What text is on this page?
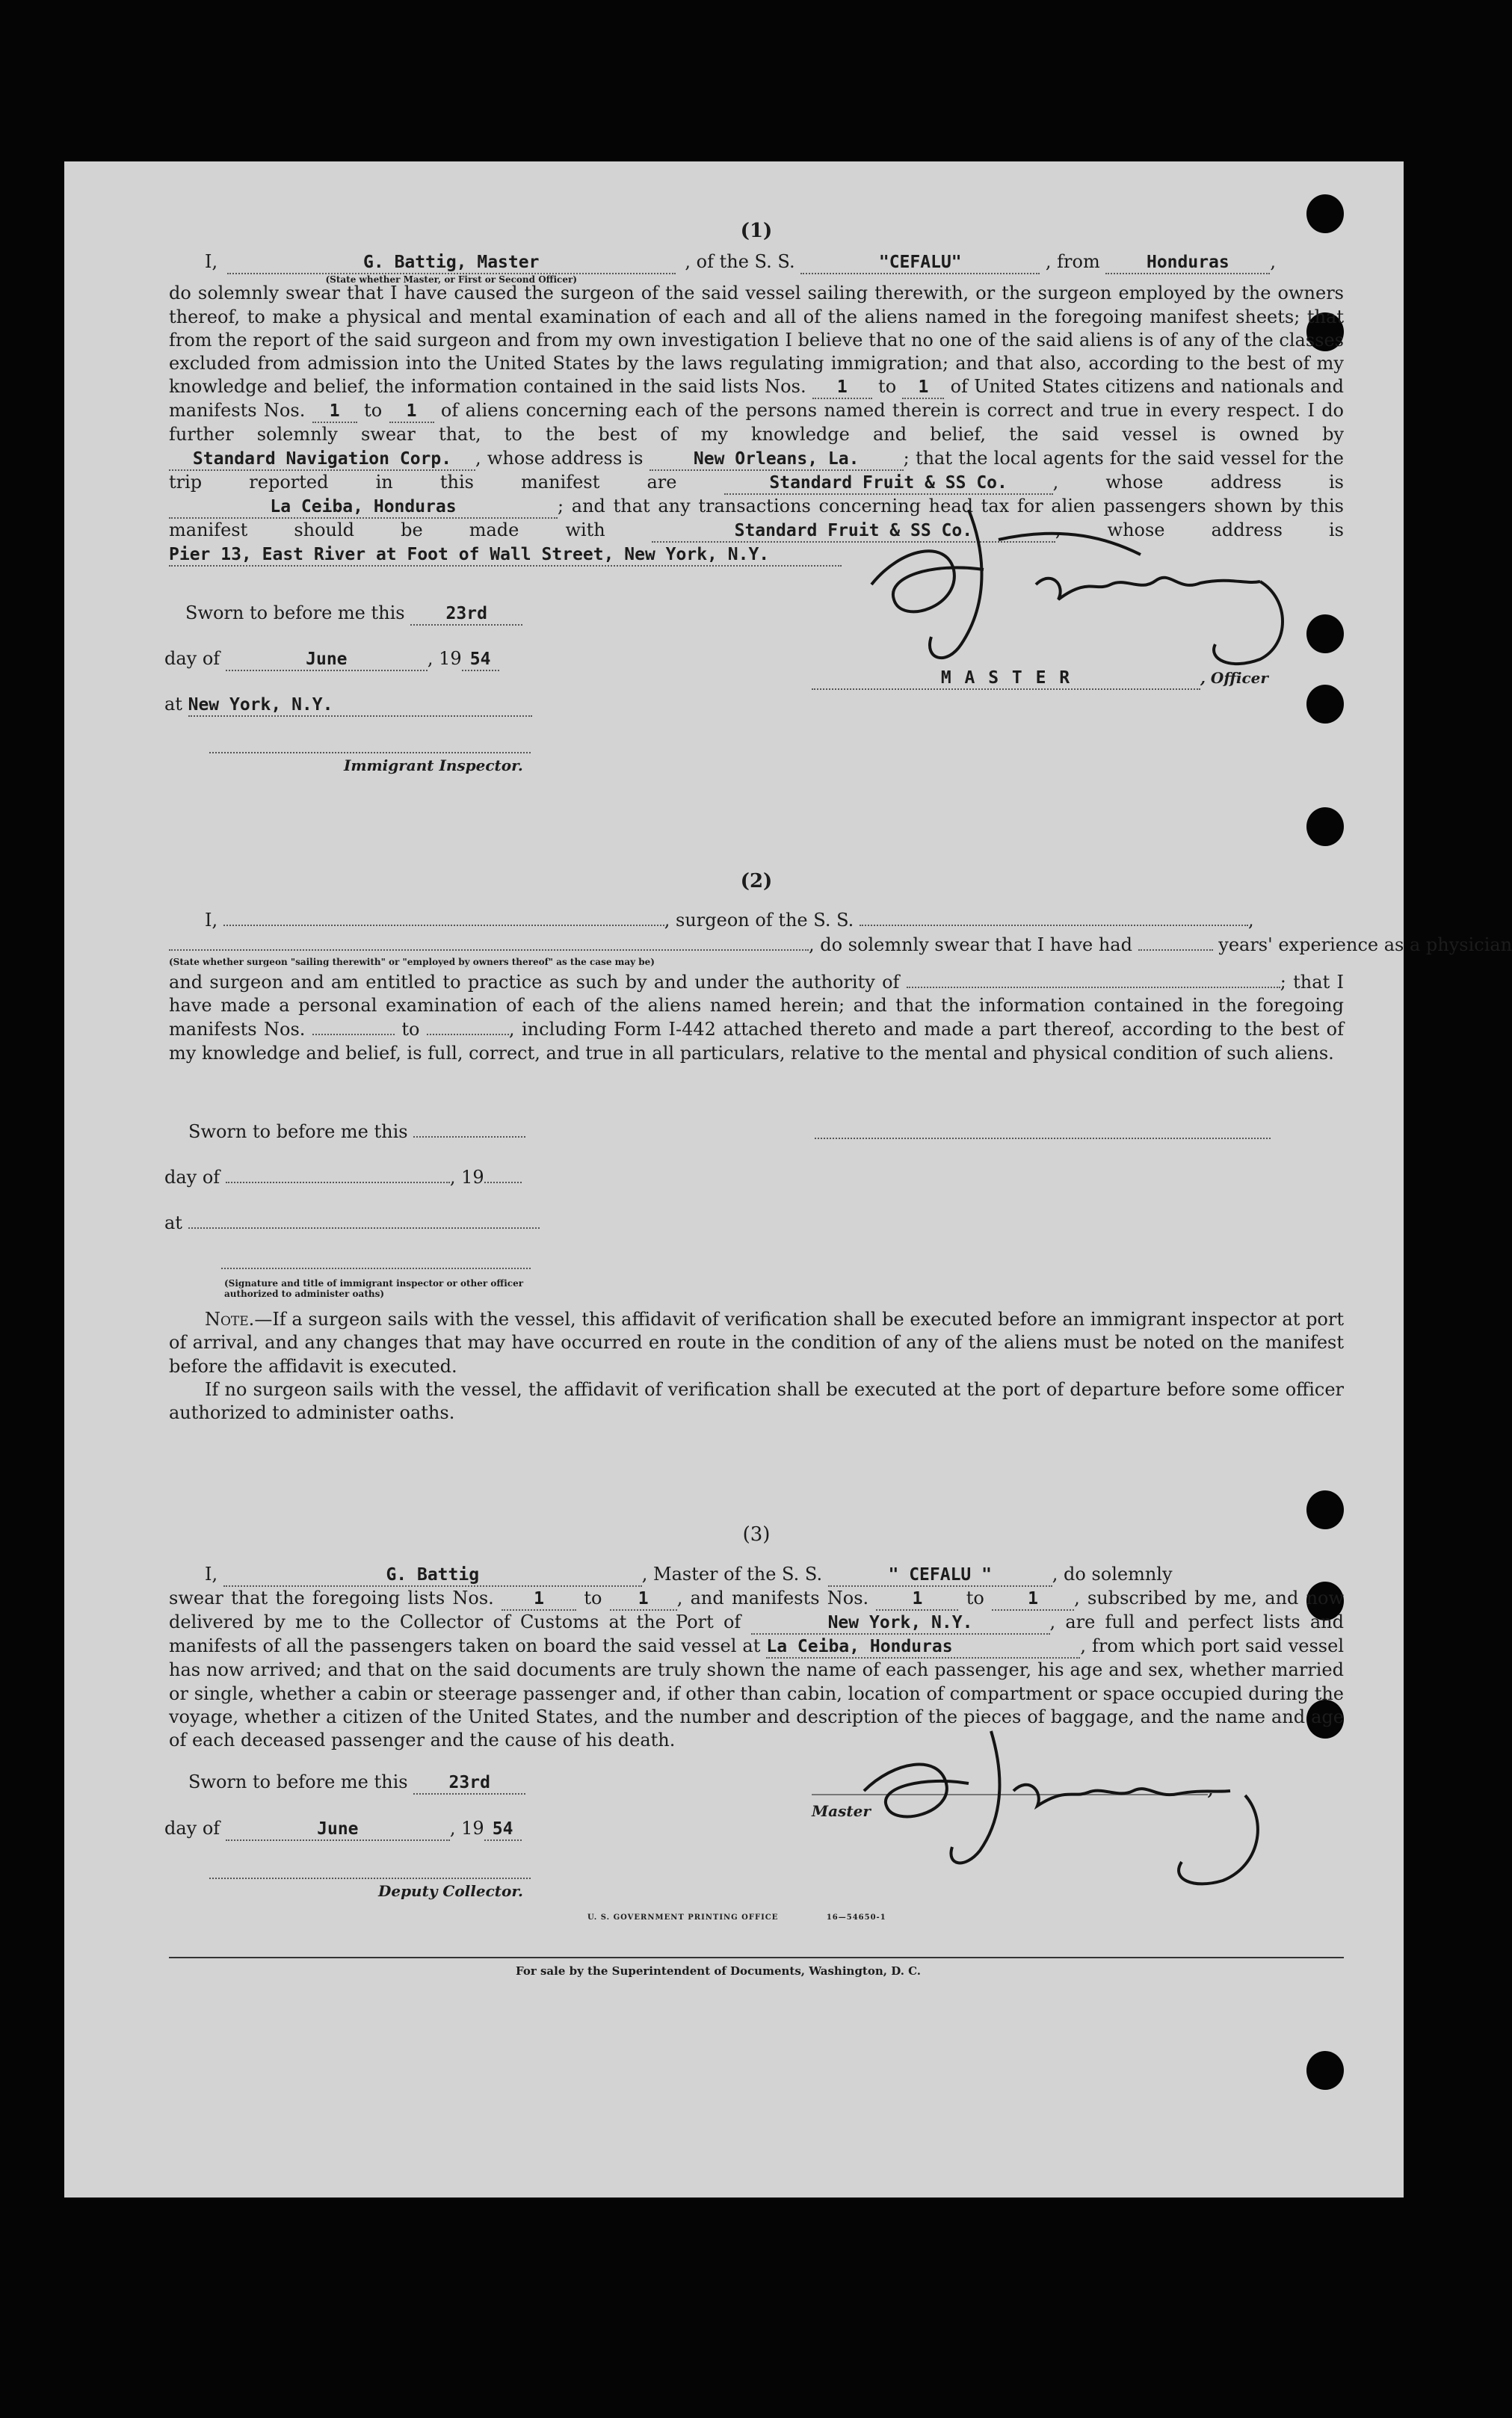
(1)
I,	G. Battig, Master
(State whether Master, or First or Second Officer)
, of the S. S.	"CEFALU"	, from	Honduras ,
do solemnly swear that I have caused the surgeon of the said vessel sailing therewith, or the surgeon employed by the owners thereof, to make a physical and mental examination of each and all of the aliens named in the foregoing manifest sheets; that from the report of the said surgeon and from my own investigation I believe that no one of the said aliens is of any of the classes excluded from admission into the United States by the laws regulating immigration; and that also, according to the best of my knowledge and belief, the information contained in the said lists Nos. 1 to 1 of United States citizens and nationals and manifests Nos. 1 to 1 of aliens concerning each of the persons named therein is correct and true in every respect. I do further solemnly swear that, to the best of my knowledge and belief, the said vessel is owned by Standard Navigation Corp. , whose address is	New Orleans, La. ; that the local agents for the said vessel for the trip reported in this manifest are	Standard Fruit & SS Co.	,	whose address is La Ceiba, Honduras	; and that any transactions concerning head tax for alien passengers shown by this manifest should be made with	Standard Fruit & SS Co.	, whose address is Pier 13, East River at Foot of Wall Street, New York, N.Y.
Sworn to before me this 23rd
day of	June	, 19 54
at New York, N.Y.
Immigrant Inspector.
M A S T E R	, Officer
(2)
I,	, surgeon of the S. S.	,
(State whether surgeon "sailing therewith" or "employed by owners thereof" as the case may be)
, do solemnly swear that I have had	years' experience as a physician
and surgeon and am entitled to practice as such by and under the authority of	; that I have made a personal examination of each of the aliens named herein; and that the information contained in the foregoing manifests Nos.	to	, including Form I-442 attached thereto and made a part thereof, according to the best of my knowledge and belief, is full, correct, and true in all particulars, relative to the mental and physical condition of such aliens.
Sworn to before me this
day of	, 19
at
(Signature and title of immigrant inspector or other officer authorized to administer oaths)
Note.—If a surgeon sails with the vessel, this affidavit of verification shall be executed before an immigrant inspector at port of arrival, and any changes that may have occurred en route in the condition of any of the aliens must be noted on the manifest before the affidavit is executed.
If no surgeon sails with the vessel, the affidavit of verification shall be executed at the port of departure before some officer authorized to administer oaths.
(3)
I,	G. Battig	, Master of the S. S.	" CEFALU "	, do solemnly
swear that the foregoing lists Nos. 1 to 1 , and manifests Nos.	1 to	1 , subscribed by me, and now delivered by me to the Collector of Customs at the Port of	New York, N.Y.	, are full and perfect lists and manifests of all the passengers taken on board the said vessel at La Ceiba, Honduras	, from which port said vessel has now arrived; and that on the said documents are truly shown the name of each passenger, his age and sex, whether married or single, whether a cabin or steerage passenger and, if other than cabin, location of compartment or space occupied during the voyage, whether a citizen of the United States, and the number and description of the pieces of baggage, and the name and age of each deceased passenger and the cause of his death.
Sworn to before me this 23rd
day of	June	, 19 54
Deputy Collector.
, Master
U. S. GOVERNMENT PRINTING OFFICE	16—54650-1
For sale by the Superintendent of Documents, Washington, D. C.
